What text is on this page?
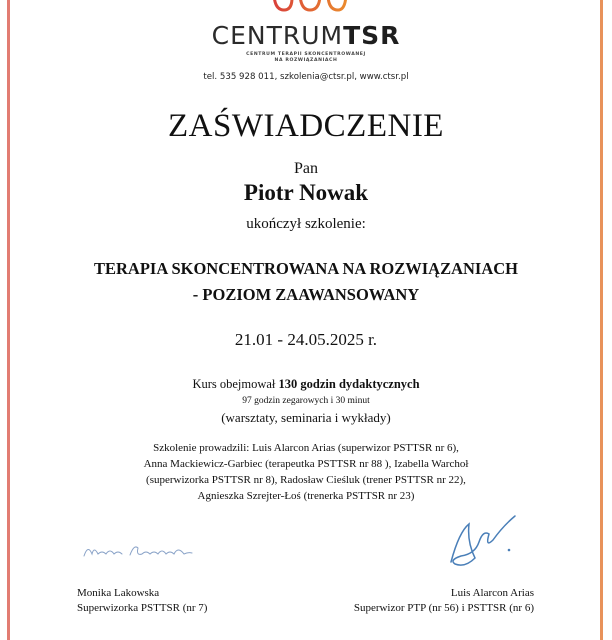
CENTRUMTSR
CENTRUM TERAPII SKONCENTROWANEJ
NA ROZWIĄZANIACH
tel. 535 928 011, szkolenia@ctsr.pl, www.ctsr.pl
ZAŚWIADCZENIE
Pan
Piotr Nowak
ukończył szkolenie:
TERAPIA SKONCENTROWANA NA ROZWIĄZANIACH
- POZIOM ZAAWANSOWANY
21.01 - 24.05.2025 r.
Kurs obejmował 130 godzin dydaktycznych
97 godzin zegarowych i 30 minut
(warsztaty, seminaria i wykłady)
Szkolenie prowadzili: Luis Alarcon Arias (superwizor PSTTSR nr 6),
Anna Mackiewicz-Garbiec (terapeutka PSTTSR nr 88 ), Izabella Warchoł
(superwizorka PSTTSR nr 8), Radosław Cieśluk (trener PSTTSR nr 22),
Agnieszka Szrejter-Łoś (trenerka PSTTSR nr 23)
Monika Lakowska
Superwizorka PSTTSR (nr 7)
Luis Alarcon Arias
Superwizor PTP (nr 56) i PSTTSR (nr 6)
